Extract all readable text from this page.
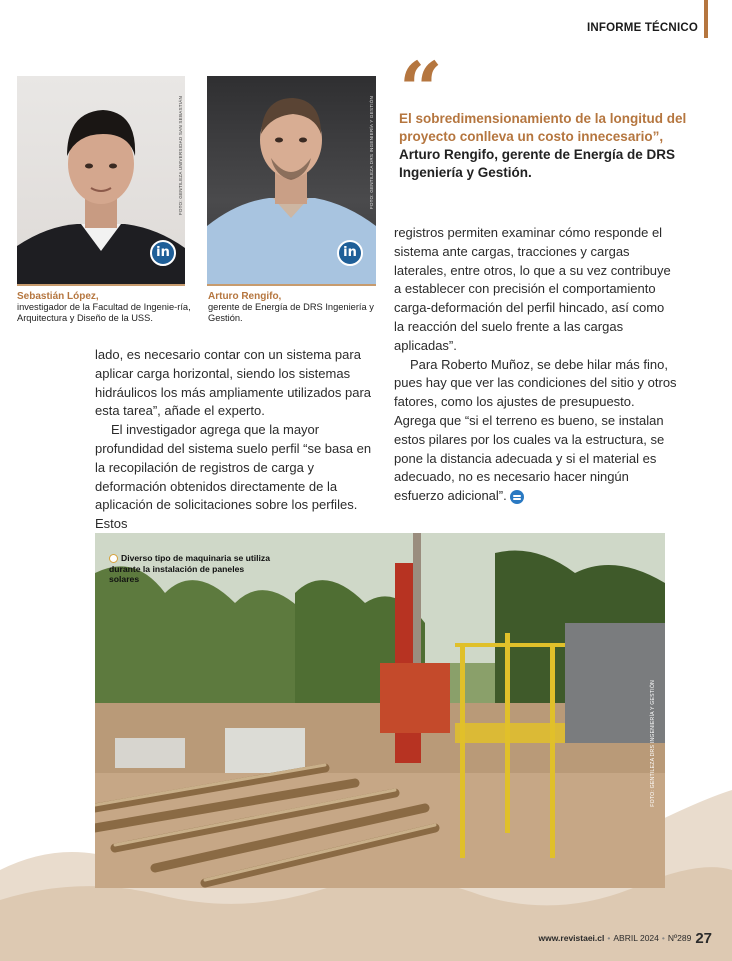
INFORME TÉCNICO
FOTO: GENTILEZA UNIVERSIDAD SAN SEBASTIÁN
in
FOTO: GENTILEZA DRS INGENIERÍA Y GESTIÓN
in
Sebastián López,
investigador de la Facultad de Ingenie-ría, Arquitectura y Diseño de la USS.
Arturo Rengifo,
gerente de Energía de DRS Ingeniería y Gestión.
“
El sobredimensionamiento de la longitud del proyecto conlleva un costo innecesario”, Arturo Rengifo, gerente de Energía de DRS Ingeniería y Gestión.

lado, es necesario contar con un sistema para aplicar carga horizontal, siendo los sistemas hidráulicos los más ampliamente utilizados para esta tarea”, añade el experto.

El investigador agrega que la mayor profundidad del sistema suelo perfil “se basa en la recopilación de registros de carga y deformación obtenidos directamente de la aplicación de solicitaciones sobre los perfiles. Estos

registros permiten examinar cómo responde el sistema ante cargas, tracciones y cargas laterales, entre otros, lo que a su vez contribuye a establecer con precisión el comportamiento carga-deformación del perfil hincado, así como la reacción del suelo frente a las cargas aplicadas”.

Para Roberto Muñoz, se debe hilar más fino, pues hay que ver las condiciones del sitio y otros fatores, como los ajustes de presupuesto. Agrega que “si el terreno es bueno, se instalan estos pilares por los cuales va la estructura, se pone la distancia adecuada y si el material es adecuado, no es necesario hacer ningún esfuerzo adicional”.

Diverso tipo de maquinaria se utiliza durante la instalación de paneles solares
FOTO: GENTILEZA DRS INGENIERÍA Y GESTIÓN
www.revistaei.cl • ABRIL 2024 • Nº289 27
